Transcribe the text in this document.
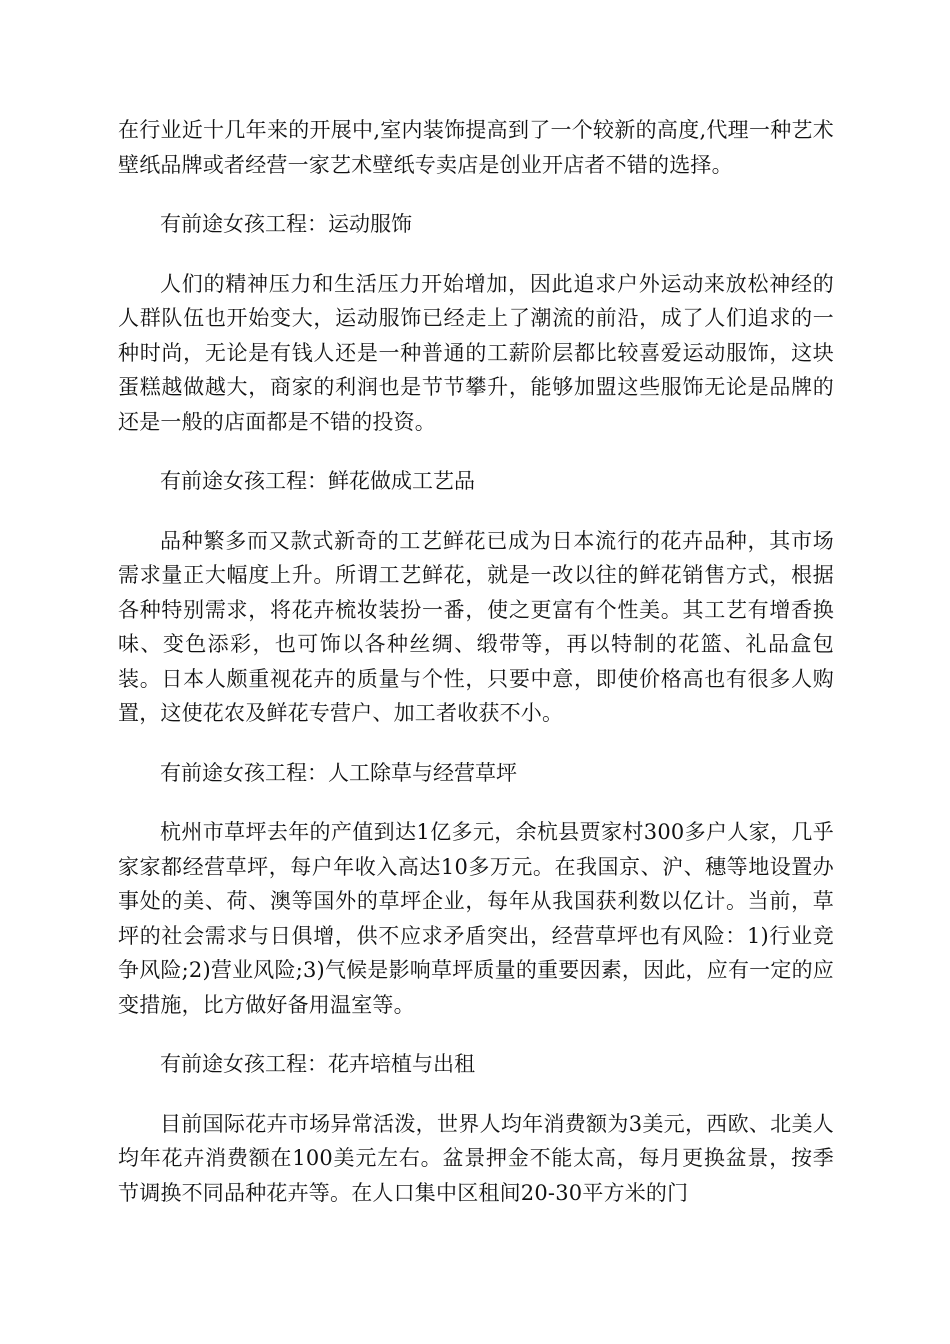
在行业近十几年来的开展中,室内装饰提高到了一个较新的高度,代理一种艺术壁纸品牌或者经营一家艺术壁纸专卖店是创业开店者不错的选择。

有前途女孩工程：运动服饰

人们的精神压力和生活压力开始增加，因此追求户外运动来放松神经的人群队伍也开始变大，运动服饰已经走上了潮流的前沿，成了人们追求的一种时尚，无论是有钱人还是一种普通的工薪阶层都比较喜爱运动服饰，这块蛋糕越做越大，商家的利润也是节节攀升，能够加盟这些服饰无论是品牌的还是一般的店面都是不错的投资。

有前途女孩工程：鲜花做成工艺品

品种繁多而又款式新奇的工艺鲜花已成为日本流行的花卉品种，其市场需求量正大幅度上升。所谓工艺鲜花，就是一改以往的鲜花销售方式，根据各种特别需求，将花卉梳妆装扮一番，使之更富有个性美。其工艺有增香换味、变色添彩，也可饰以各种丝绸、缎带等，再以特制的花篮、礼品盒包装。日本人颇重视花卉的质量与个性，只要中意，即使价格高也有很多人购置，这使花农及鲜花专营户、加工者收获不小。

有前途女孩工程：人工除草与经营草坪

杭州市草坪去年的产值到达1亿多元，余杭县贾家村300多户人家，几乎家家都经营草坪，每户年收入高达10多万元。在我国京、沪、穗等地设置办事处的美、荷、澳等国外的草坪企业，每年从我国获利数以亿计。当前，草坪的社会需求与日俱增，供不应求矛盾突出，经营草坪也有风险：1)行业竞争风险;2)营业风险;3)气候是影响草坪质量的重要因素，因此，应有一定的应变措施，比方做好备用温室等。

有前途女孩工程：花卉培植与出租

目前国际花卉市场异常活泼，世界人均年消费额为3美元，西欧、北美人均年花卉消费额在100美元左右。盆景押金不能太高，每月更换盆景，按季节调换不同品种花卉等。在人口集中区租间20-30平方米的门
